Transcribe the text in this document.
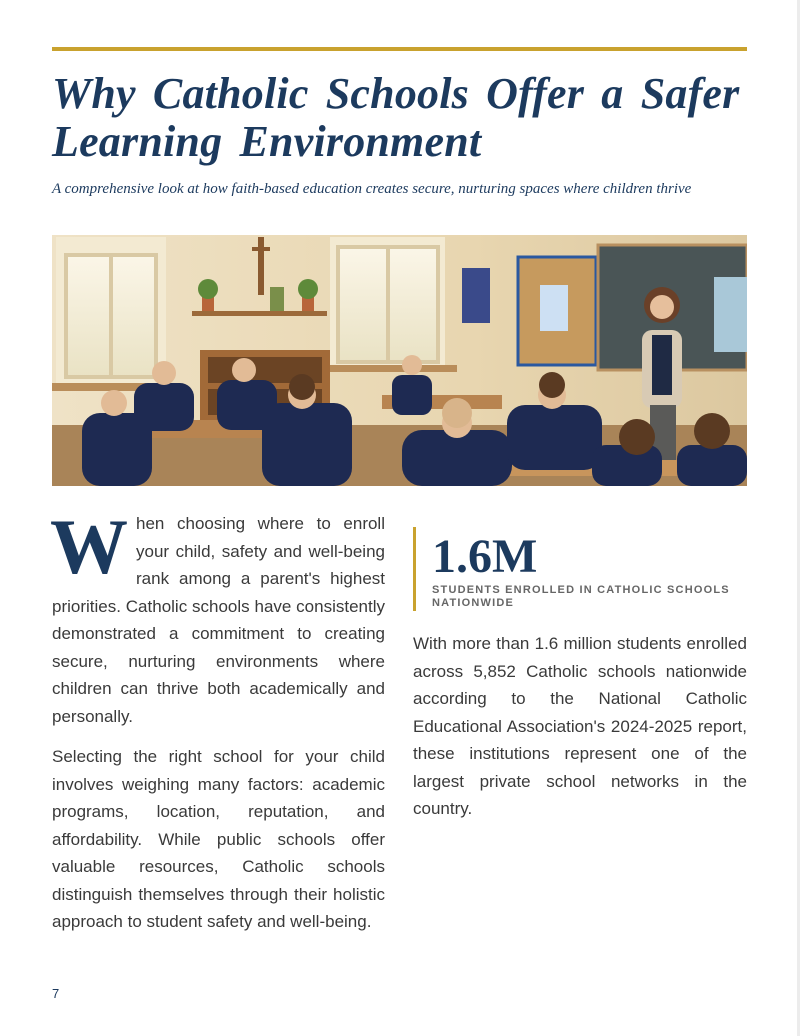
Why Catholic Schools Offer a Safer Learning Environment

A comprehensive look at how faith-based education creates secure, nurturing spaces where children thrive

When choosing where to enroll your child, safety and well-being rank among a parent's highest priorities. Catholic schools have consistently demonstrated a commitment to creating secure, nurturing environments where children can thrive both academically and personally.

Selecting the right school for your child involves weighing many factors: academic programs, location, reputation, and affordability. While public schools offer valuable resources, Catholic schools distinguish themselves through their holistic approach to student safety and well-being.

1.6M
STUDENTS ENROLLED IN CATHOLIC SCHOOLS NATIONWIDE

With more than 1.6 million students enrolled across 5,852 Catholic schools nationwide according to the National Catholic Educational Association's 2024-2025 report, these institutions represent one of the largest private school networks in the country.

7
